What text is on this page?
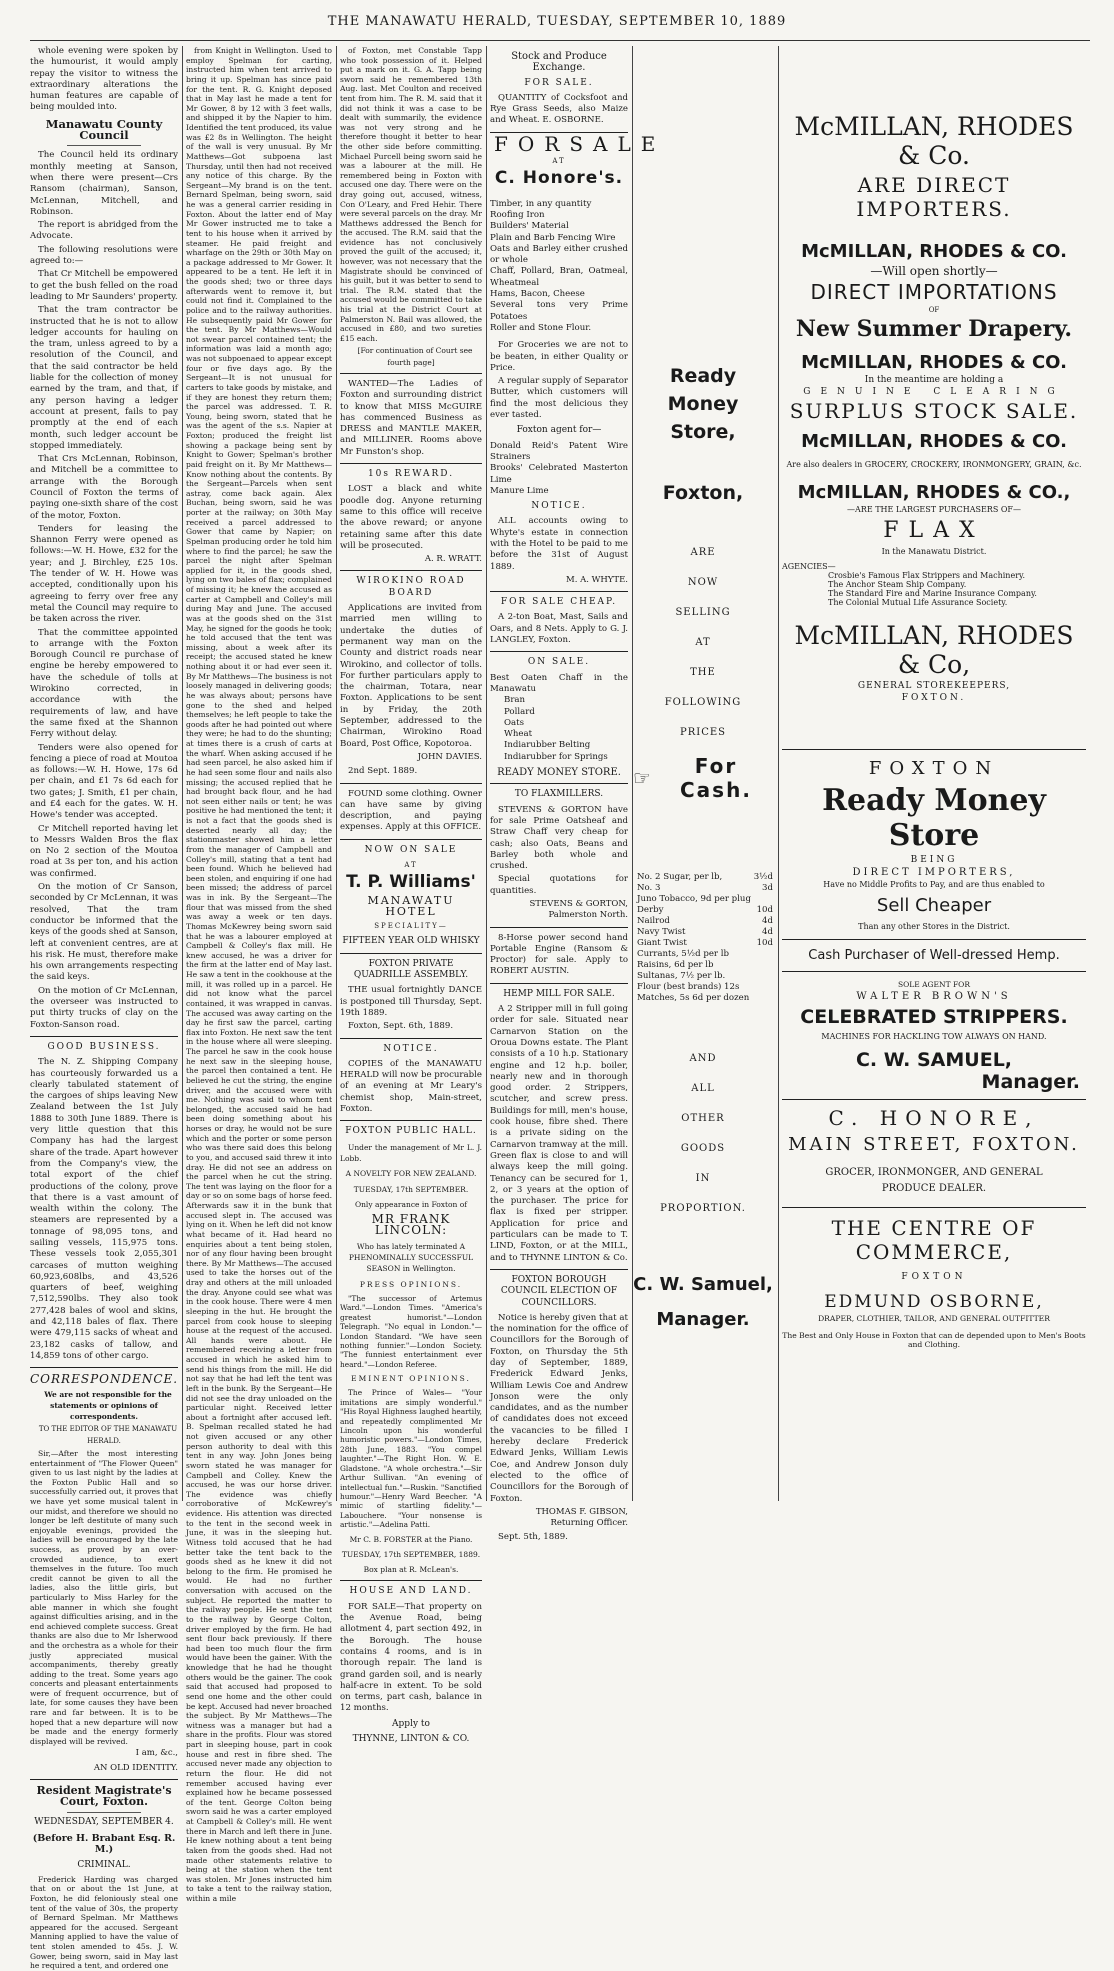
THE MANAWATU HERALD, TUESDAY, SEPTEMBER 10, 1889

whole evening were spoken by the humourist, it would amply repay the visitor to witness the extraordinary alterations the human features are capable of being moulded into.

Manawatu County Council

The Council held its ordinary monthly meeting at Sanson, when there were present—Crs Ransom (chairman), Sanson, McLennan, Mitchell, and Robinson.

The report is abridged from the Advocate.

The following resolutions were agreed to:—

That Cr Mitchell be empowered to get the bush felled on the road leading to Mr Saunders' property.

That the tram contractor be instructed that he is not to allow ledger accounts for hauling on the tram, unless agreed to by a resolution of the Council, and that the said contractor be held liable for the collection of money earned by the tram, and that, if any person having a ledger account at present, fails to pay promptly at the end of each month, such ledger account be stopped immediately.

That Crs McLennan, Robinson, and Mitchell be a committee to arrange with the Borough Council of Foxton the terms of paying one-sixth share of the cost of the motor, Foxton.

Tenders for leasing the Shannon Ferry were opened as follows:—W. H. Howe, £32 for the year; and J. Birchley, £25 10s. The tender of W. H. Howe was accepted, conditionally upon his agreeing to ferry over free any metal the Council may require to be taken across the river.

That the committee appointed to arrange with the Foxton Borough Council re purchase of engine be hereby empowered to have the schedule of tolls at Wirokino corrected, in accordance with the requirements of law, and have the same fixed at the Shannon Ferry without delay.

Tenders were also opened for fencing a piece of road at Moutoa as follows:—W. H. Howe, 17s 6d per chain, and £1 7s 6d each for two gates; J. Smith, £1 per chain, and £4 each for the gates. W. H. Howe's tender was accepted.

Cr Mitchell reported having let to Messrs Walden Bros the flax on No 2 section of the Moutoa road at 3s per ton, and his action was confirmed.

On the motion of Cr Sanson, seconded by Cr McLennan, it was resolved, That the tram conductor be informed that the keys of the goods shed at Sanson, left at convenient centres, are at his risk. He must, therefore make his own arrangements respecting the said keys.

On the motion of Cr McLennan, the overseer was instructed to put thirty trucks of clay on the Foxton-Sanson road.

GOOD BUSINESS.

The N. Z. Shipping Company has courteously forwarded us a clearly tabulated statement of the cargoes of ships leaving New Zealand between the 1st July 1888 to 30th June 1889. There is very little question that this Company has had the largest share of the trade. Apart however from the Company's view, the total export of the chief productions of the colony, prove that there is a vast amount of wealth within the colony. The steamers are represented by a tonnage of 98,095 tons, and sailing vessels, 115,975 tons. These vessels took 2,055,301 carcases of mutton weighing 60,923,608lbs, and 43,526 quarters of beef, weighing 7,512,590lbs. They also took 277,428 bales of wool and skins, and 42,118 bales of flax. There were 479,115 sacks of wheat and 23,182 casks of tallow, and 14,859 tons of other cargo.

CORRESPONDENCE.

We are not responsible for the statements or opinions of correspondents.

TO THE EDITOR OF THE MANAWATU HERALD.

Sir,—After the most interesting entertainment of "The Flower Queen" given to us last night by the ladies at the Foxton Public Hall and so successfully carried out, it proves that we have yet some musical talent in our midst, and therefore we should no longer be left destitute of many such enjoyable evenings, provided the ladies will be encouraged by the late success, as proved by an over-crowded audience, to exert themselves in the future. Too much credit cannot be given to all the ladies, also the little girls, but particularly to Miss Harley for the able manner in which she fought against difficulties arising, and in the end achieved complete success. Great thanks are also due to Mr Isherwood and the orchestra as a whole for their justly appreciated musical accompaniments, thereby greatly adding to the treat. Some years ago concerts and pleasant entertainments were of frequent occurrence, but of late, for some causes they have been rare and far between. It is to be hoped that a new departure will now be made and the energy formerly displayed will be revived.

I am, &c.,
AN OLD IDENTITY.
Resident Magistrate's Court, Foxton.
WEDNESDAY, SEPTEMBER 4.
(Before H. Brabant Esq. R. M.)
CRIMINAL.

Frederick Harding was charged that on or about the 1st June, at Foxton, he did feloniously steal one tent of the value of 30s, the property of Bernard Spelman. Mr Matthews appeared for the accused. Sergeant Manning applied to have the value of tent stolen amended to 45s. J. W. Gower, being sworn, said in May last he required a tent, and ordered one

from Knight in Wellington. Used to employ Spelman for carting, instructed him when tent arrived to bring it up. Spelman has since paid for the tent. R. G. Knight deposed that in May last he made a tent for Mr Gower, 8 by 12 with 3 feet walls, and shipped it by the Napier to him. Identified the tent produced, its value was £2 8s in Wellington. The height of the wall is very unusual. By Mr Matthews—Got subpoena last Thursday, until then had not received any notice of this charge. By the Sergeant—My brand is on the tent. Bernard Spelman, being sworn, said he was a general carrier residing in Foxton. About the latter end of May Mr Gower instructed me to take a tent to his house when it arrived by steamer. He paid freight and wharfage on the 29th or 30th May on a package addressed to Mr Gower. It appeared to be a tent. He left it in the goods shed; two or three days afterwards went to remove it, but could not find it. Complained to the police and to the railway authorities. He subsequently paid Mr Gower for the tent. By Mr Matthews—Would not swear parcel contained tent; the information was laid a month ago; was not subpoenaed to appear except four or five days ago. By the Sergeant—It is not unusual for carters to take goods by mistake, and if they are honest they return them; the parcel was addressed. T. R. Young, being sworn, stated that he was the agent of the s.s. Napier at Foxton; produced the freight list showing a package being sent by Knight to Gower; Spelman's brother paid freight on it. By Mr Matthews—Know nothing about the contents. By the Sergeant—Parcels when sent astray, come back again. Alex Buchan, being sworn, said he was porter at the railway; on 30th May received a parcel addressed to Gower that came by Napier; on Spelman producing order he told him where to find the parcel; he saw the parcel the night after Spelman applied for it, in the goods shed, lying on two bales of flax; complained of missing it; he knew the accused as carter at Campbell and Colley's mill during May and June. The accused was at the goods shed on the 31st May, he signed for the goods he took; he told accused that the tent was missing, about a week after its receipt; the accused stated he knew nothing about it or had ever seen it. By Mr Matthews—The business is not loosely managed in delivering goods; he was always about; persons have gone to the shed and helped themselves; he left people to take the goods after he had pointed out where they were; he had to do the shunting; at times there is a crush of carts at the wharf. When asking accused if he had seen parcel, he also asked him if he had seen some flour and nails also missing; the accused replied that he had brought back flour, and he had not seen either nails or tent; he was positive he had mentioned the tent; it is not a fact that the goods shed is deserted nearly all day; the stationmaster showed him a letter from the manager of Campbell and Colley's mill, stating that a tent had been found. Which he believed had been stolen, and enquiring if one had been missed; the address of parcel was in ink. By the Sergeant—The flour that was missed from the shed was away a week or ten days. Thomas McKewrey being sworn said that he was a labourer employed at Campbell & Colley's flax mill. He knew accused, he was a driver for the firm at the latter end of May last. He saw a tent in the cookhouse at the mill, it was rolled up in a parcel. He did not know what the parcel contained, it was wrapped in canvas. The accused was away carting on the day he first saw the parcel, carting flax into Foxton. He next saw the tent in the house where all were sleeping. The parcel he saw in the cook house he next saw in the sleeping house, the parcel then contained a tent. He believed he cut the string, the engine driver, and the accused were with me. Nothing was said to whom tent belonged, the accused said he had been doing something about his horses or dray, he would not be sure which and the porter or some person who was there said does this belong to you, and accused said threw it into dray. He did not see an address on the parcel when he cut the string. The tent was laying on the floor for a day or so on some bags of horse feed. Afterwards saw it in the bunk that accused slept in. The accused was lying on it. When he left did not know what became of it. Had heard no enquiries about a tent being stolen, nor of any flour having been brought there. By Mr Matthews—The accused used to take the horses out of the dray and others at the mill unloaded the dray. Anyone could see what was in the cook house. There were 4 men sleeping in the hut. He brought the parcel from cook house to sleeping house at the request of the accused. All hands were about. He remembered receiving a letter from accused in which he asked him to send his things from the mill. He did not say that he had left the tent was left in the bunk. By the Sergeant—He did not see the dray unloaded on the particular night. Received letter about a fortnight after accused left. B. Spelman recalled stated he had not given accused or any other person authority to deal with this tent in any way. John Jones being sworn stated he was manager for Campbell and Colley. Knew the accused, he was our horse driver. The evidence was chiefly corroborative of McKewrey's evidence. His attention was directed to the tent in the second week in June, it was in the sleeping hut. Witness told accused that he had better take the tent back to the goods shed as he knew it did not belong to the firm. He promised he would. He had no further conversation with accused on the subject. He reported the matter to the railway people. He sent the tent to the railway by George Colton, driver employed by the firm. He had sent flour back previously. If there had been too much flour the firm would have been the gainer. With the knowledge that he had he thought others would be the gainer. The cook said that accused had proposed to send one home and the other could be kept. Accused had never broached the subject. By Mr Matthews—The witness was a manager but had a share in the profits. Flour was stored part in sleeping house, part in cook house and rest in fibre shed. The accused never made any objection to return the flour. He did not remember accused having ever explained how he became possessed of the tent. George Colton being sworn said he was a carter employed at Campbell & Colley's mill. He went there in March and left there in June. He knew nothing about a tent being taken from the goods shed. Had not made other statements relative to being at the station when the tent was stolen. Mr Jones instructed him to take a tent to the railway station, within a mile

of Foxton, met Constable Tapp who took possession of it. Helped put a mark on it. G. A. Tapp being sworn said he remembered 13th Aug. last. Met Coulton and received tent from him. The R. M. said that it did not think it was a case to be dealt with summarily, the evidence was not very strong and he therefore thought it better to hear the other side before committing. Michael Purcell being sworn said he was a labourer at the mill. He remembered being in Foxton with accused one day. There were on the dray going out, accused, witness, Con O'Leary, and Fred Hehir. There were several parcels on the dray. Mr Matthews addressed the Bench for the accused. The R.M. said that the evidence has not conclusively proved the guilt of the accused; it, however, was not necessary that the Magistrate should be convinced of his guilt, but it was better to send to trial. The R.M. stated that the accused would be committed to take his trial at the District Court at Palmerston N. Bail was allowed, the accused in £80, and two sureties £15 each.

[For continuation of Court see fourth page]

WANTED—The Ladies of Foxton and surrounding district to know that MISS McGUIRE has commenced Business as DRESS and MANTLE MAKER, and MILLINER. Rooms above Mr Funston's shop.

10s REWARD.

LOST a black and white poodle dog. Anyone returning same to this office will receive the above reward; or anyone retaining same after this date will be prosecuted.

A. R. WRATT.
WIROKINO ROAD BOARD

Applications are invited from married men willing to undertake the duties of permanent way man on the County and district roads near Wirokino, and collector of tolls. For further particulars apply to the chairman, Totara, near Foxton. Applications to be sent in by Friday, the 20th September, addressed to the Chairman, Wirokino Road Board, Post Office, Kopotoroa.

JOHN DAVIES.

2nd Sept. 1889.

FOUND some clothing. Owner can have same by giving description, and paying expenses. Apply at this OFFICE.

NOW ON SALE
AT
T. P. Williams'
MANAWATU HOTEL
SPECIALITY—
FIFTEEN YEAR OLD WHISKY
FOXTON PRIVATE QUADRILLE ASSEMBLY.

THE usual fortnightly DANCE is postponed till Thursday, Sept. 19th 1889.

Foxton, Sept. 6th, 1889.

NOTICE.

COPIES of the MANAWATU HERALD will now be procurable of an evening at Mr Leary's chemist shop, Main-street, Foxton.

FOXTON PUBLIC HALL.

Under the management of Mr L. J. Lobb.

A NOVELTY FOR NEW ZEALAND.
TUESDAY, 17th SEPTEMBER.
Only appearance in Foxton of
MR FRANK LINCOLN:
Who has lately terminated A PHENOMINALLY SUCCESSFUL SEASON in Wellington.
PRESS OPINIONS.

"The successor of Artemus Ward."—London Times. "America's greatest humorist."—London Telegraph. "No equal in London."—London Standard. "We have seen nothing funnier."—London Society. "The funniest entertainment ever heard."—London Referee.

EMINENT OPINIONS.

The Prince of Wales— "Your imitations are simply wonderful." "His Royal Highness laughed heartily, and repeatedly complimented Mr Lincoln upon his wonderful humoristic powers."—London Times, 28th June, 1883. "You compel laughter."—The Right Hon. W. E. Gladstone. "A whole orchestra."—Sir Arthur Sullivan. "An evening of intellectual fun."—Ruskin. "Sanctified humour."—Henry Ward Beecher. "A mimic of startling fidelity."—Labouchere. "Your nonsense is artistic."—Adelina Patti.

Mr C. B. FORSTER at the Piano.
TUESDAY, 17th SEPTEMBER, 1889.
Box plan at R. McLean's.
HOUSE AND LAND.

FOR SALE—That property on the Avenue Road, being allotment 4, part section 492, in the Borough. The house contains 4 rooms, and is in thorough repair. The land is grand garden soil, and is nearly half-acre in extent. To be sold on terms, part cash, balance in 12 months.

Apply to
THYNNE, LINTON & CO.
Stock and Produce Exchange.
FOR SALE.

QUANTITY of Cocksfoot and Rye Grass Seeds, also Maize and Wheat. E. OSBORNE.

FOR SALE
AT
C. Honore's.
Timber, in any quantity
Roofing Iron
Builders' Material
Plain and Barb Fencing Wire
Oats and Barley either crushed or whole
Chaff, Pollard, Bran, Oatmeal, Wheatmeal
Hams, Bacon, Cheese
Several tons very Prime Potatoes
Roller and Stone Flour.

For Groceries we are not to be beaten, in either Quality or Price.

A regular supply of Separator Butter, which customers will find the most delicious they ever tasted.

Foxton agent for—
Donald Reid's Patent Wire Strainers
Brooks' Celebrated Masterton Lime
Manure Lime
NOTICE.

ALL accounts owing to Whyte's estate in connection with the Hotel to be paid to me before the 31st of August 1889.

M. A. WHYTE.
FOR SALE CHEAP.

A 2-ton Boat, Mast, Sails and Oars, and 8 Nets. Apply to G. J. LANGLEY, Foxton.

ON SALE.
Best Oaten Chaff in the Manawatu
Bran
Pollard
Oats
Wheat
Indiarubber Belting
Indiarubber for Springs
READY MONEY STORE.
TO FLAXMILLERS.

STEVENS & GORTON have for sale Prime Oatsheaf and Straw Chaff very cheap for cash; also Oats, Beans and Barley both whole and crushed.

Special quotations for quantities.

STEVENS & GORTON, Palmerston North.

8-Horse power second hand Portable Engine (Ransom & Proctor) for sale. Apply to ROBERT AUSTIN.

HEMP MILL FOR SALE.

A 2 Stripper mill in full going order for sale. Situated near Carnarvon Station on the Oroua Downs estate. The Plant consists of a 10 h.p. Stationary engine and 12 h.p. boiler, nearly new and in thorough good order. 2 Strippers, scutcher, and screw press. Buildings for mill, men's house, cook house, fibre shed. There is a private siding on the Carnarvon tramway at the mill. Green flax is close to and will always keep the mill going. Tenancy can be secured for 1, 2, or 3 years at the option of the purchaser. The price for flax is fixed per stripper. Application for price and particulars can be made to T. LIND, Foxton, or at the MILL, and to THYNNE LINTON & Co.

FOXTON BOROUGH COUNCIL ELECTION OF COUNCILLORS.

Notice is hereby given that at the nomination for the office of Councillors for the Borough of Foxton, on Thursday the 5th day of September, 1889, Frederick Edward Jenks, William Lewis Coe and Andrew Jonson were the only candidates, and as the number of candidates does not exceed the vacancies to be filled I hereby declare Frederick Edward Jenks, William Lewis Coe, and Andrew Jonson duly elected to the office of Councillors for the Borough of Foxton.

THOMAS F. GIBSON, Returning Officer.

Sept. 5th, 1889.

Ready Money
Store,
Foxton,
ARE
NOW
SELLING
AT
THE
FOLLOWING
PRICES
☞	For Cash.
No. 2 Sugar, per lb,	3½d
No. 3	3d
Juno Tobacco, 9d per plug
Derby	10d
Nailrod	4d
Navy Twist	4d
Giant Twist	10d
Currants, 5½d per lb
Raisins, 6d per lb
Sultanas, 7½ per lb.
Flour (best brands) 12s
Matches, 5s 6d per dozen
AND
ALL
OTHER
GOODS
IN
PROPORTION.
C. W. Samuel,
Manager.
McMILLAN, RHODES & Co.
ARE DIRECT IMPORTERS.
McMILLAN, RHODES & CO.
—Will open shortly—
DIRECT IMPORTATIONS
OF
New Summer Drapery.
McMILLAN, RHODES & CO.
In the meantime are holding a
GENUINE CLEARING
SURPLUS STOCK SALE.
McMILLAN, RHODES & CO.
Are also dealers in GROCERY, CROCKERY, IRONMONGERY, GRAIN, &c.
McMILLAN, RHODES & CO.,
—ARE THE LARGEST PURCHASERS OF—
FLAX
In the Manawatu District.
AGENCIES—
Crosbie's Famous Flax Strippers and Machinery.
The Anchor Steam Ship Company.
The Standard Fire and Marine Insurance Company.
The Colonial Mutual Life Assurance Society.
McMILLAN, RHODES & Co,
GENERAL STOREKEEPERS,
FOXTON.
FOXTON
Ready Money Store
BEING
DIRECT IMPORTERS,
Have no Middle Profits to Pay, and are thus enabled to
Sell Cheaper
Than any other Stores in the District.
Cash Purchaser of Well-dressed Hemp.
SOLE AGENT FOR
WALTER BROWN'S
CELEBRATED STRIPPERS.
MACHINES FOR HACKLING TOW ALWAYS ON HAND.
C. W. SAMUEL,
Manager.
C. HONORE,
MAIN STREET, FOXTON.
GROCER, IRONMONGER, AND GENERAL PRODUCE DEALER.
THE CENTRE OF COMMERCE,
FOXTON
EDMUND OSBORNE,
DRAPER, CLOTHIER, TAILOR, AND GENERAL OUTFITTER
The Best and Only House in Foxton that can de depended upon to Men's Boots and Clothing.
